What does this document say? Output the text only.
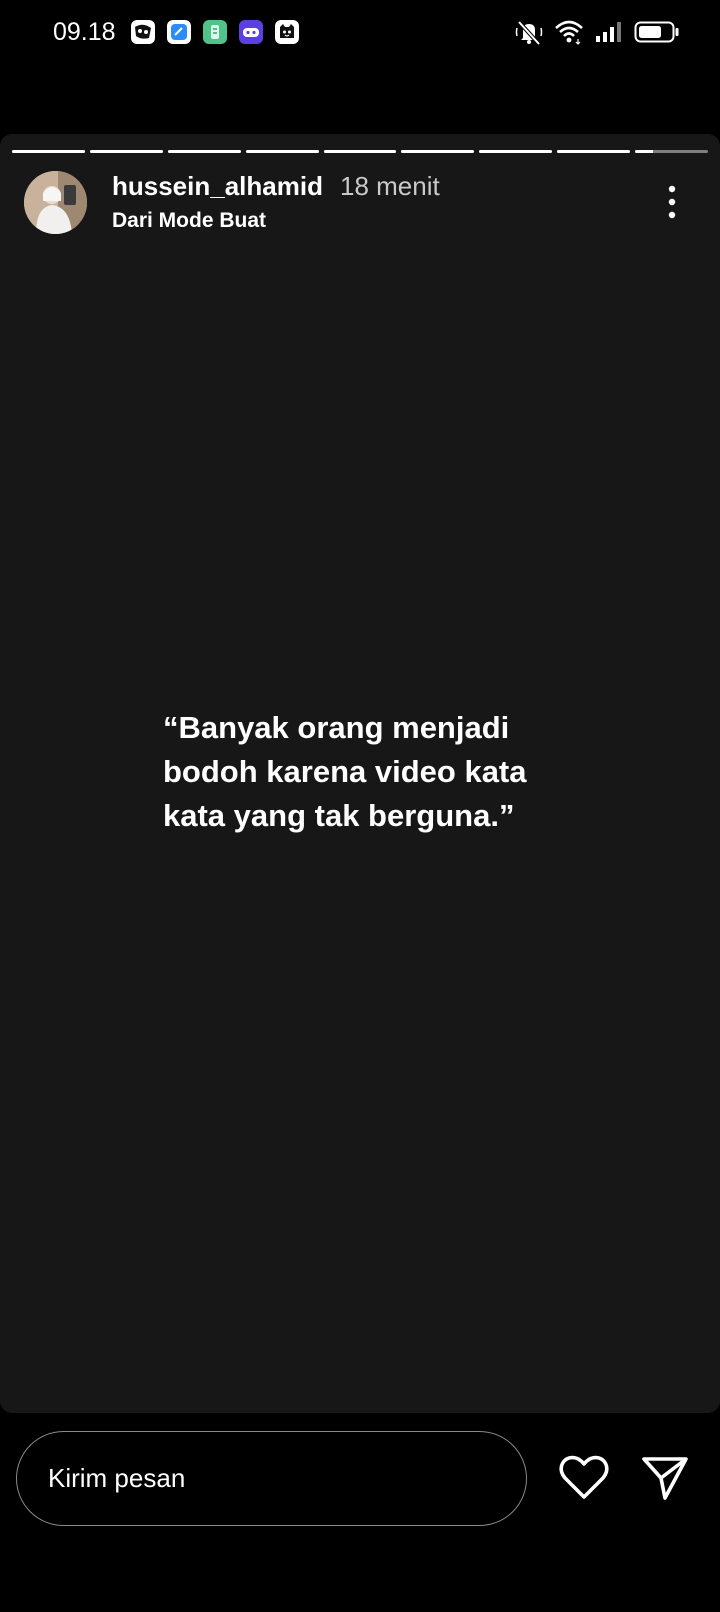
09.18
hussein_alhamid 18 menit
Dari Mode Buat
“Banyak orang menjadi
bodoh karena video kata
kata yang tak berguna.”
Kirim pesan
